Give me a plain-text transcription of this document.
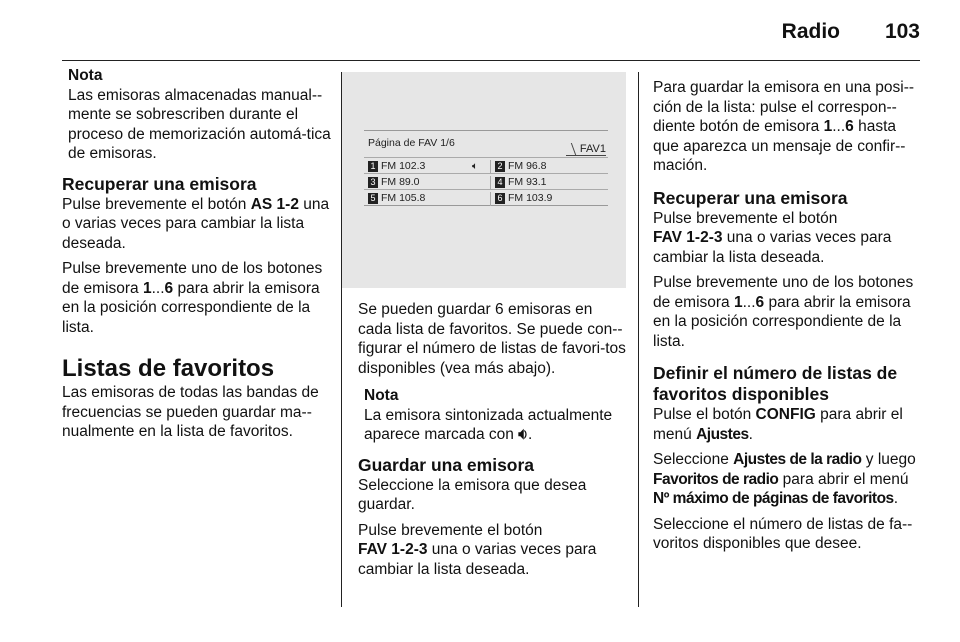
Radio 103
Nota
Las emisoras almacenadas manual-mente se sobrescriben durante el proceso de memorización automá-tica de emisoras.
Recuperar una emisora

Pulse brevemente el botón AS 1-2 una o varias veces para cambiar la lista deseada.

Pulse brevemente uno de los botones de emisora 1...6 para abrir la emisora en la posición correspondiente de la lista.

Listas de favoritos

Las emisoras de todas las bandas de frecuencias se pueden guardar ma-nualmente en la lista de favoritos.

Página de FAV 1/6	FAV1
1 FM 102.3	🔈︎	2 FM 96.8
3 FM 89.0	4 FM 93.1
5 FM 105.8	6 FM 103.9

Se pueden guardar 6 emisoras en cada lista de favoritos. Se puede con-figurar el número de listas de favori-tos disponibles (vea más abajo).

Nota
La emisora sintonizada actualmente aparece marcada con 🔉︎.
Guardar una emisora

Seleccione la emisora que desea guardar.

Pulse brevemente el botón
FAV 1-2-3 una o varias veces para cambiar la lista deseada.

Para guardar la emisora en una posi-ción de la lista: pulse el correspon-diente botón de emisora 1...6 hasta que aparezca un mensaje de confir-mación.

Recuperar una emisora

Pulse brevemente el botón
FAV 1-2-3 una o varias veces para cambiar la lista deseada.

Pulse brevemente uno de los botones de emisora 1...6 para abrir la emisora en la posición correspondiente de la lista.

Definir el número de listas de favoritos disponibles

Pulse el botón CONFIG para abrir el menú Ajustes.

Seleccione Ajustes de la radio y luego Favoritos de radio para abrir el menú Nº máximo de páginas de favoritos.

Seleccione el número de listas de fa-voritos disponibles que desee.
